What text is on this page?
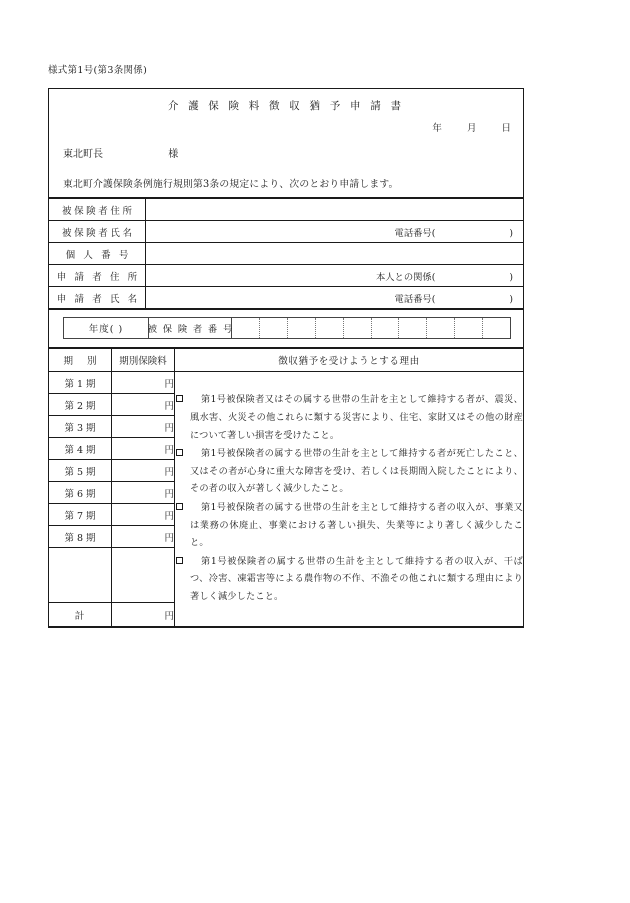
様式第1号(第3条関係)
介 護 保 険 料 徴 収 猶 予 申 請 書
年	月	日
東北町長	様
東北町介護保険条例施行規則第3条の規定により、次のとおり申請します。
被保険者住所	
被保険者氏名	電話番号( )

個 人 番 号	
申 請 者 住 所	本人との関係( )

申 請 者 氏 名	電話番号( )
年度( )	被 保 険 者 番 号
期 別	期別保険料	徴収猶予を受けようとする理由
第 1 期	円	第1号被保険者又はその属する世帯の生計を主として維持する者が、震災、風水害、火災その他これらに類する災害により、住宅、家財又はその他の財産について著しい損害を受けたこと。
第1号被保険者の属する世帯の生計を主として維持する者が死亡したこと、又はその者が心身に重大な障害を受け、若しくは長期間入院したことにより、その者の収入が著しく減少したこと。
第1号被保険者の属する世帯の生計を主として維持する者の収入が、事業又は業務の休廃止、事業における著しい損失、失業等により著しく減少したこと。
第1号被保険者の属する世帯の生計を主として維持する者の収入が、干ばつ、冷害、凍霜害等による農作物の不作、不漁その他これに類する理由により著しく減少したこと。

第 2 期	円	
第 3 期	円	
第 4 期	円	
第 5 期	円	
第 6 期	円	
第 7 期	円	
第 8 期	円	

計	円	
